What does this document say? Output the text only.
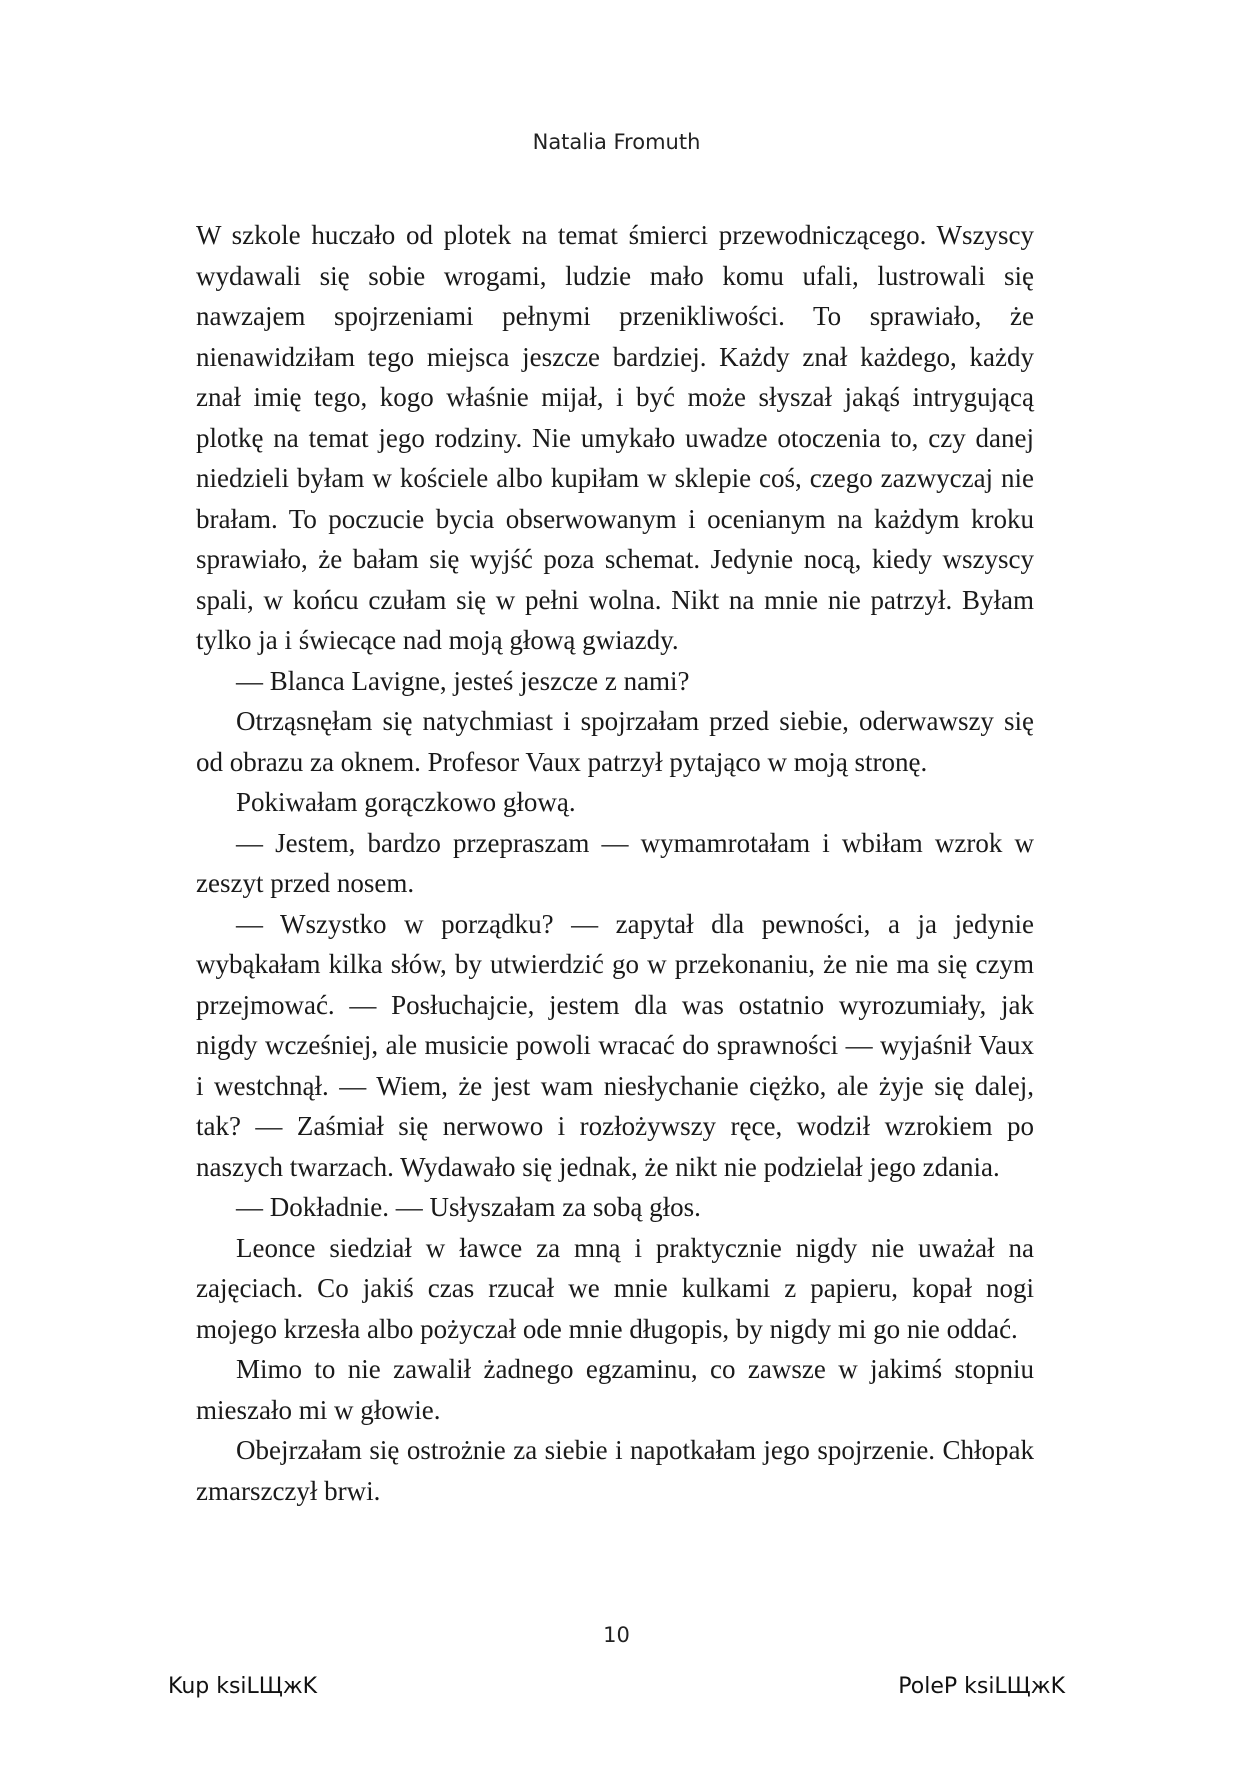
Natalia Fromuth

W szkole huczało od plotek na temat śmierci przewodniczącego. Wszyscy wydawali się sobie wrogami, ludzie mało komu ufali, lustrowali się nawzajem spojrzeniami pełnymi przenikliwości. To sprawiało, że nienawidziłam tego miejsca jeszcze bardziej. Każdy znał każdego, każdy znał imię tego, kogo właśnie mijał, i być może słyszał jakąś intrygującą plotkę na temat jego rodziny. Nie umykało uwadze otoczenia to, czy danej niedzieli byłam w kościele albo kupiłam w sklepie coś, czego zazwyczaj nie brałam. To poczucie bycia obserwowanym i ocenianym na każdym kroku sprawiało, że bałam się wyjść poza schemat. Jedynie nocą, kiedy wszyscy spali, w końcu czułam się w pełni wolna. Nikt na mnie nie patrzył. Byłam tylko ja i świecące nad moją głową gwiazdy.

— Blanca Lavigne, jesteś jeszcze z nami?

Otrząsnęłam się natychmiast i spojrzałam przed siebie, oderwawszy się od obrazu za oknem. Profesor Vaux patrzył pytająco w moją stronę.

Pokiwałam gorączkowo głową.

— Jestem, bardzo przepraszam — wymamrotałam i wbiłam wzrok w zeszyt przed nosem.

— Wszystko w porządku? — zapytał dla pewności, a ja jedynie wybąkałam kilka słów, by utwierdzić go w przekonaniu, że nie ma się czym przejmować. — Posłuchajcie, jestem dla was ostatnio wyrozumiały, jak nigdy wcześniej, ale musicie powoli wracać do sprawności — wyjaśnił Vaux i westchnął. — Wiem, że jest wam niesłychanie ciężko, ale żyje się dalej, tak? — Zaśmiał się nerwowo i rozłożywszy ręce, wodził wzrokiem po naszych twarzach. Wydawało się jednak, że nikt nie podzielał jego zdania.

— Dokładnie. — Usłyszałam za sobą głos.

Leonce siedział w ławce za mną i praktycznie nigdy nie uważał na zajęciach. Co jakiś czas rzucał we mnie kulkami z papieru, kopał nogi mojego krzesła albo pożyczał ode mnie długopis, by nigdy mi go nie oddać.

Mimo to nie zawalił żadnego egzaminu, co zawsze w jakimś stopniu mieszało mi w głowie.

Obejrzałam się ostrożnie za siebie i napotkałam jego spojrzenie. Chłopak zmarszczył brwi.

10
Kup ksiLЩжK	PoleP ksiLЩжK
